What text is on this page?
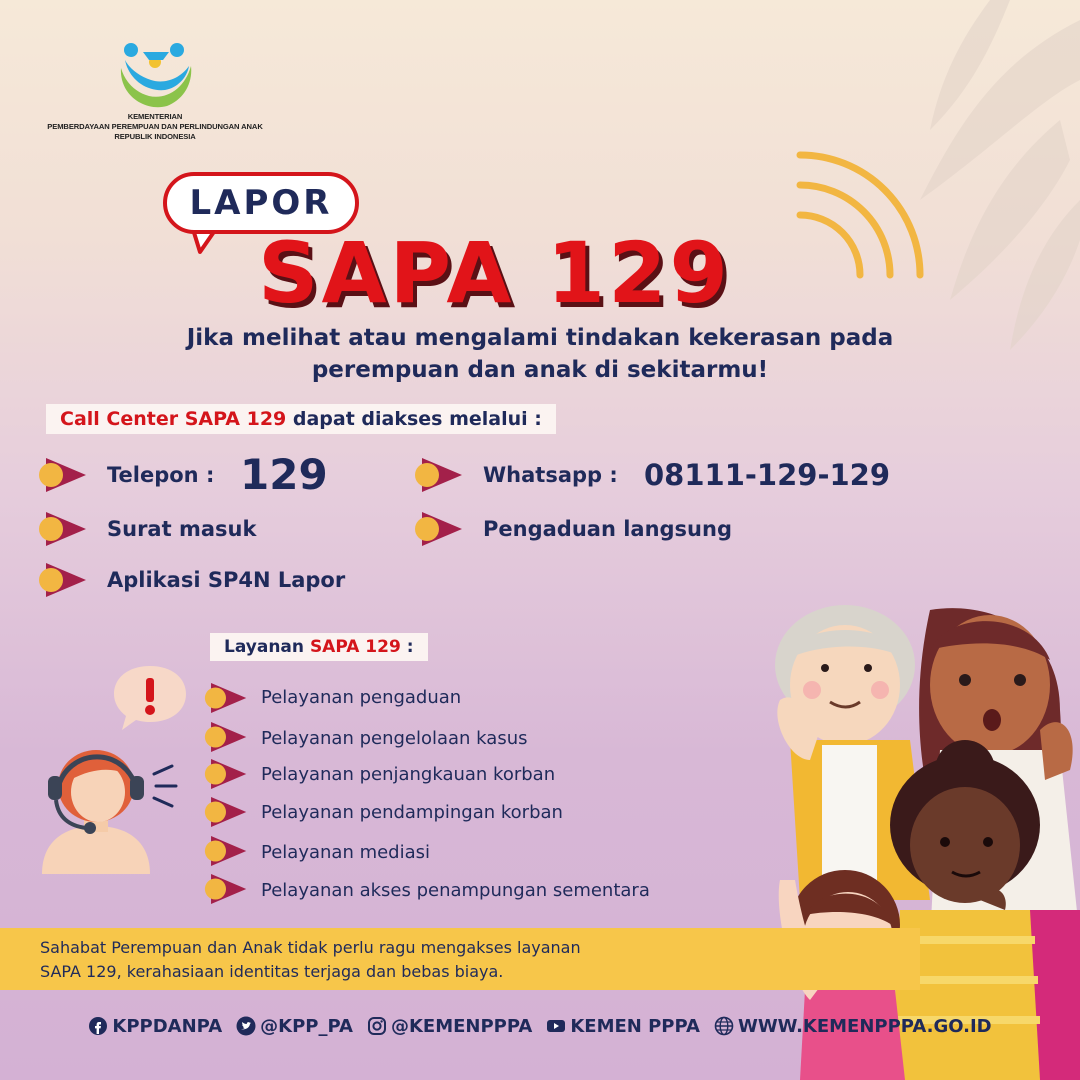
KEMENTERIAN
PEMBERDAYAAN PEREMPUAN DAN PERLINDUNGAN ANAK
REPUBLIK INDONESIA
LAPOR
SAPA 129
Jika melihat atau mengalami tindakan kekerasan pada
perempuan dan anak di sekitarmu!
Call Center SAPA 129 dapat diakses melalui :
Telepon : 129	Whatsapp : 08111-129-129
Surat masuk	Pengaduan langsung
Aplikasi SP4N Lapor
Layanan SAPA 129 :
Pelayanan pengaduan
Pelayanan pengelolaan kasus
Pelayanan penjangkauan korban
Pelayanan pendampingan korban
Pelayanan mediasi
Pelayanan akses penampungan sementara
Sahabat Perempuan dan Anak tidak perlu ragu mengakses layanan
SAPA 129, kerahasiaan identitas terjaga dan bebas biaya.
KPPDANPA @KPP_PA @KEMENPPPA KEMEN PPPA WWW.KEMENPPPA.GO.ID
